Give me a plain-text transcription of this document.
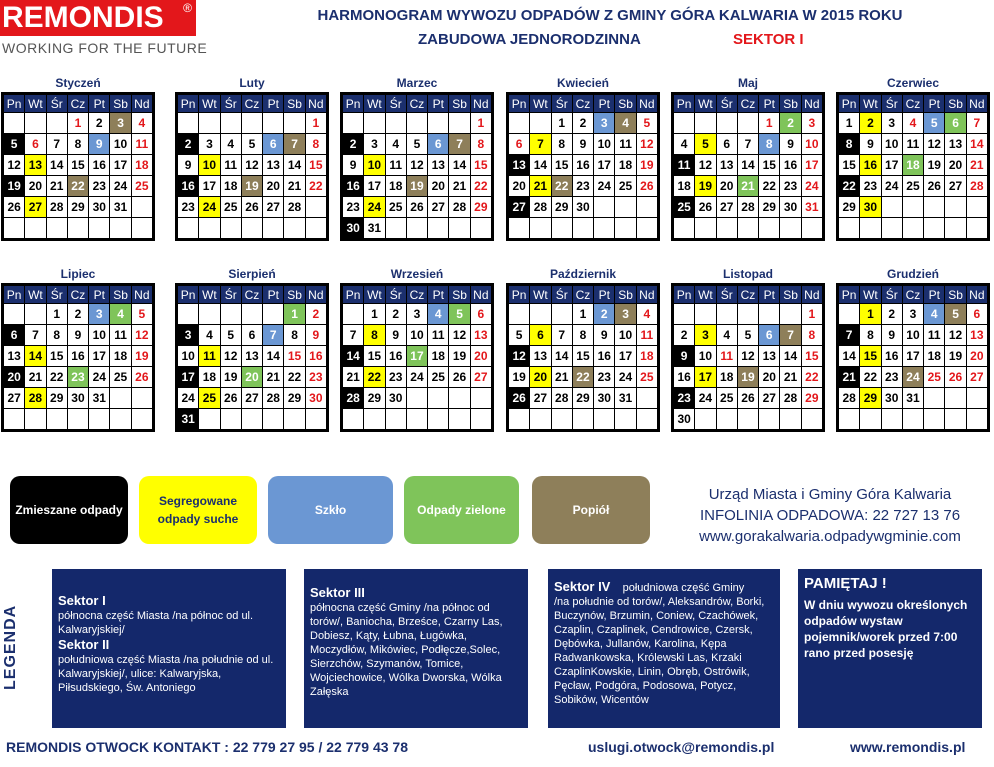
REMONDIS ®
WORKING FOR THE FUTURE
HARMONOGRAM WYWOZU ODPADÓW Z GMINY GÓRA KALWARIA W 2015 ROKU
ZABUDOWA JEDNORODZINNA	SEKTOR I
Styczeń
Pn	Wt	Śr	Cz	Pt	Sb	Nd
			1	2	3	4
5	6	7	8	9	10	11
12	13	14	15	16	17	18
19	20	21	22	23	24	25
26	27	28	29	30	31	

Luty
Pn	Wt	Śr	Cz	Pt	Sb	Nd
						1
2	3	4	5	6	7	8
9	10	11	12	13	14	15
16	17	18	19	20	21	22
23	24	25	26	27	28	

Marzec
Pn	Wt	Śr	Cz	Pt	Sb	Nd
						1
2	3	4	5	6	7	8
9	10	11	12	13	14	15
16	17	18	19	20	21	22
23	24	25	26	27	28	29
30	31					
Kwiecień
Pn	Wt	Śr	Cz	Pt	Sb	Nd
		1	2	3	4	5
6	7	8	9	10	11	12
13	14	15	16	17	18	19
20	21	22	23	24	25	26
27	28	29	30			

Maj
Pn	Wt	Śr	Cz	Pt	Sb	Nd
				1	2	3
4	5	6	7	8	9	10
11	12	13	14	15	16	17
18	19	20	21	22	23	24
25	26	27	28	29	30	31

Czerwiec
Pn	Wt	Śr	Cz	Pt	Sb	Nd
1	2	3	4	5	6	7
8	9	10	11	12	13	14
15	16	17	18	19	20	21
22	23	24	25	26	27	28
29	30					

Lipiec
Pn	Wt	Śr	Cz	Pt	Sb	Nd
		1	2	3	4	5
6	7	8	9	10	11	12
13	14	15	16	17	18	19
20	21	22	23	24	25	26
27	28	29	30	31		

Sierpień
Pn	Wt	Śr	Cz	Pt	Sb	Nd
					1	2
3	4	5	6	7	8	9
10	11	12	13	14	15	16
17	18	19	20	21	22	23
24	25	26	27	28	29	30
31						
Wrzesień
Pn	Wt	Śr	Cz	Pt	Sb	Nd
	1	2	3	4	5	6
7	8	9	10	11	12	13
14	15	16	17	18	19	20
21	22	23	24	25	26	27
28	29	30				

Październik
Pn	Wt	Śr	Cz	Pt	Sb	Nd
			1	2	3	4
5	6	7	8	9	10	11
12	13	14	15	16	17	18
19	20	21	22	23	24	25
26	27	28	29	30	31	

Listopad
Pn	Wt	Śr	Cz	Pt	Sb	Nd
						1
2	3	4	5	6	7	8
9	10	11	12	13	14	15
16	17	18	19	20	21	22
23	24	25	26	27	28	29
30						
Grudzień
Pn	Wt	Śr	Cz	Pt	Sb	Nd
	1	2	3	4	5	6
7	8	9	10	11	12	13
14	15	16	17	18	19	20
21	22	23	24	25	26	27
28	29	30	31			

Zmieszane odpady
Segregowane odpady suche
Szkło	Odpady zielone	Popiół
Urząd Miasta i Gminy Góra Kalwaria
INFOLINIA ODPADOWA: 22 727 13 76
www.gorakalwaria.odpadywgminie.com
LEGENDA
Sektor I
północna część Miasta /na północ od ul. Kalwaryjskiej/
Sektor II
południowa część Miasta /na południe od ul. Kalwaryjskiej/, ulice: Kalwaryjska, Piłsudskiego, Św. Antoniego
Sektor III
północna część Gminy /na północ od torów/, Baniocha, Brześce, Czarny Las, Dobiesz, Kąty, Łubna, Ługówka, Moczydłów, Mikówiec, Podłęcze,Solec, Sierzchów, Szymanów, Tomice, Wojciechowice, Wólka Dworska, Wólka Załęska
Sektor IV południowa część Gminy
/na południe od torów/, Aleksandrów, Borki, Buczynów, Brzumin, Coniew, Czachówek, Czaplin, Czaplinek, Cendrowice, Czersk, Dębówka, Jullanów, Karolina, Kępa Radwankowska, Królewski Las, Krzaki CzaplinKowskie, Linin, Obręb, Ostrówik, Pęcław, Podgóra, Podosowa, Potycz, Sobików, Wicentów
PAMIĘTAJ !
W dniu wywozu określonych odpadów wystaw pojemnik/worek przed 7:00 rano przed posesję
REMONDIS OTWOCK KONTAKT : 22 779 27 95 / 22 779 43 78	uslugi.otwock@remondis.pl	www.remondis.pl
